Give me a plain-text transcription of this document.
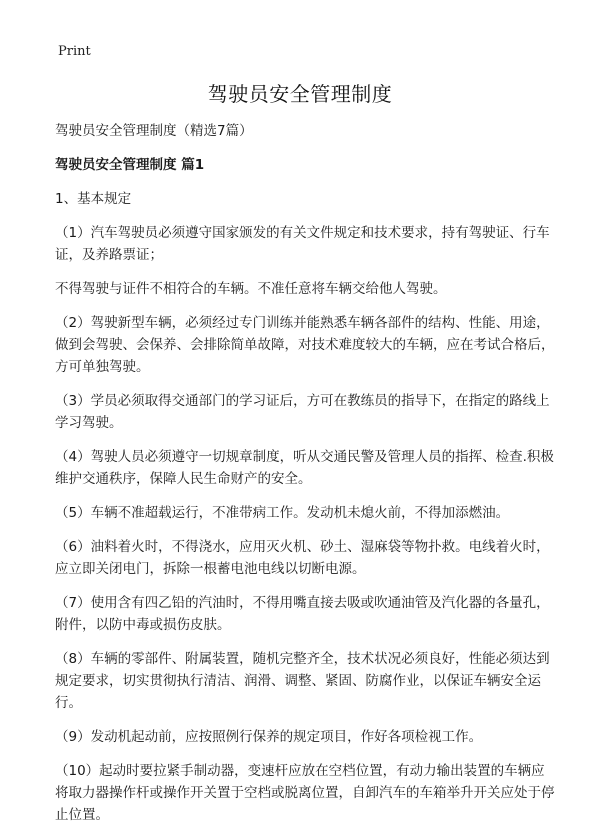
Print
驾驶员安全管理制度

驾驶员安全管理制度（精选7篇）

驾驶员安全管理制度 篇1

1、基本规定

（1）汽车驾驶员必须遵守国家颁发的有关文件规定和技术要求，持有驾驶证、行车证，及养路票证；

不得驾驶与证件不相符合的车辆。不准任意将车辆交给他人驾驶。

（2）驾驶新型车辆，必须经过专门训练并能熟悉车辆各部件的结构、性能、用途，做到会驾驶、会保养、会排除简单故障，对技术难度较大的车辆，应在考试合格后，方可单独驾驶。

（3）学员必须取得交通部门的学习证后，方可在教练员的指导下，在指定的路线上学习驾驶。

（4）驾驶人员必须遵守一切规章制度，听从交通民警及管理人员的指挥、检查.积极维护交通秩序，保障人民生命财产的安全。

（5）车辆不准超载运行，不准带病工作。发动机未熄火前，不得加添燃油。

（6）油料着火时，不得浇水，应用灭火机、砂土、湿麻袋等物扑救。电线着火时，应立即关闭电门，拆除一根蓄电池电线以切断电源。

（7）使用含有四乙铅的汽油时，不得用嘴直接去吸或吹通油管及汽化器的各量孔，附件，以防中毒或损伤皮肤。

（8）车辆的零部件、附属装置，随机完整齐全，技术状况必须良好，性能必须达到规定要求，切实贯彻执行清洁、润滑、调整、紧固、防腐作业，以保证车辆安全运行。

（9）发动机起动前，应按照例行保养的规定项目，作好各项检视工作。

（10）起动时要拉紧手制动器，变速杆应放在空档位置，有动力输出装置的车辆应将取力器操作杆或操作开关置于空档或脱离位置，自卸汽车的车箱举升开关应处于停止位置。
